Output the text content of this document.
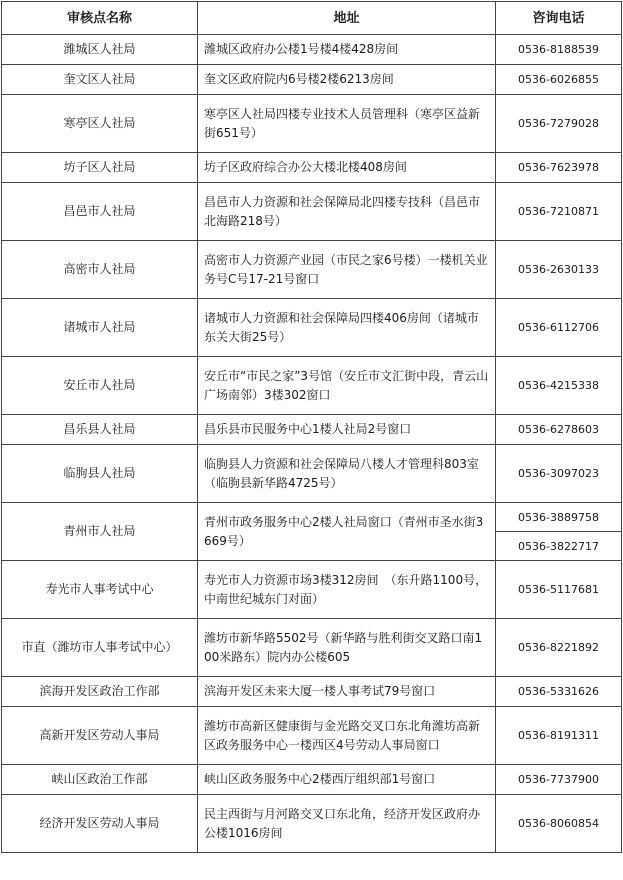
审核点名称	地址	咨询电话
潍城区人社局	潍城区政府办公楼1号楼4楼428房间	0536-8188539
奎文区人社局	奎文区政府院内6号楼2楼6213房间	0536-6026855
寒亭区人社局	寒亭区人社局四楼专业技术人员管理科（寒亭区益新街651号）	0536-7279028
坊子区人社局	坊子区政府综合办公大楼北楼408房间	0536-7623978
昌邑市人社局	昌邑市人力资源和社会保障局北四楼专技科（昌邑市北海路218号）	0536-7210871
高密市人社局	高密市人力资源产业园（市民之家6号楼）一楼机关业务号C号17-21号窗口	0536-2630133
诸城市人社局	诸城市人力资源和社会保障局四楼406房间（诸城市东关大街25号）	0536-6112706
安丘市人社局	安丘市“市民之家”3号馆（安丘市文汇街中段，青云山广场南邻）3楼302窗口	0536-4215338
昌乐县人社局	昌乐县市民服务中心1楼人社局2号窗口	0536-6278603
临朐县人社局	临朐县人力资源和社会保障局八楼人才管理科803室（临朐县新华路4725号）	0536-3097023
青州市人社局	青州市政务服务中心2楼人社局窗口（青州市圣水街3669号）	0536-3889758
		0536-3822717
寿光市人事考试中心	寿光市人力资源市场3楼312房间　（东升路1100号，中南世纪城东门对面）	0536-5117681
市直（潍坊市人事考试中心）	潍坊市新华路5502号（新华路与胜利街交叉路口南100米路东）院内办公楼605	0536-8221892
滨海开发区政治工作部	滨海开发区未来大厦一楼人事考试79号窗口	0536-5331626
高新开发区劳动人事局	潍坊市高新区健康街与金光路交叉口东北角潍坊高新区政务服务中心一楼西区4号劳动人事局窗口	0536-8191311
峡山区政治工作部	峡山区政务服务中心2楼西厅组织部1号窗口	0536-7737900
经济开发区劳动人事局	民主西街与月河路交叉口东北角，经济开发区政府办公楼1016房间	0536-8060854
